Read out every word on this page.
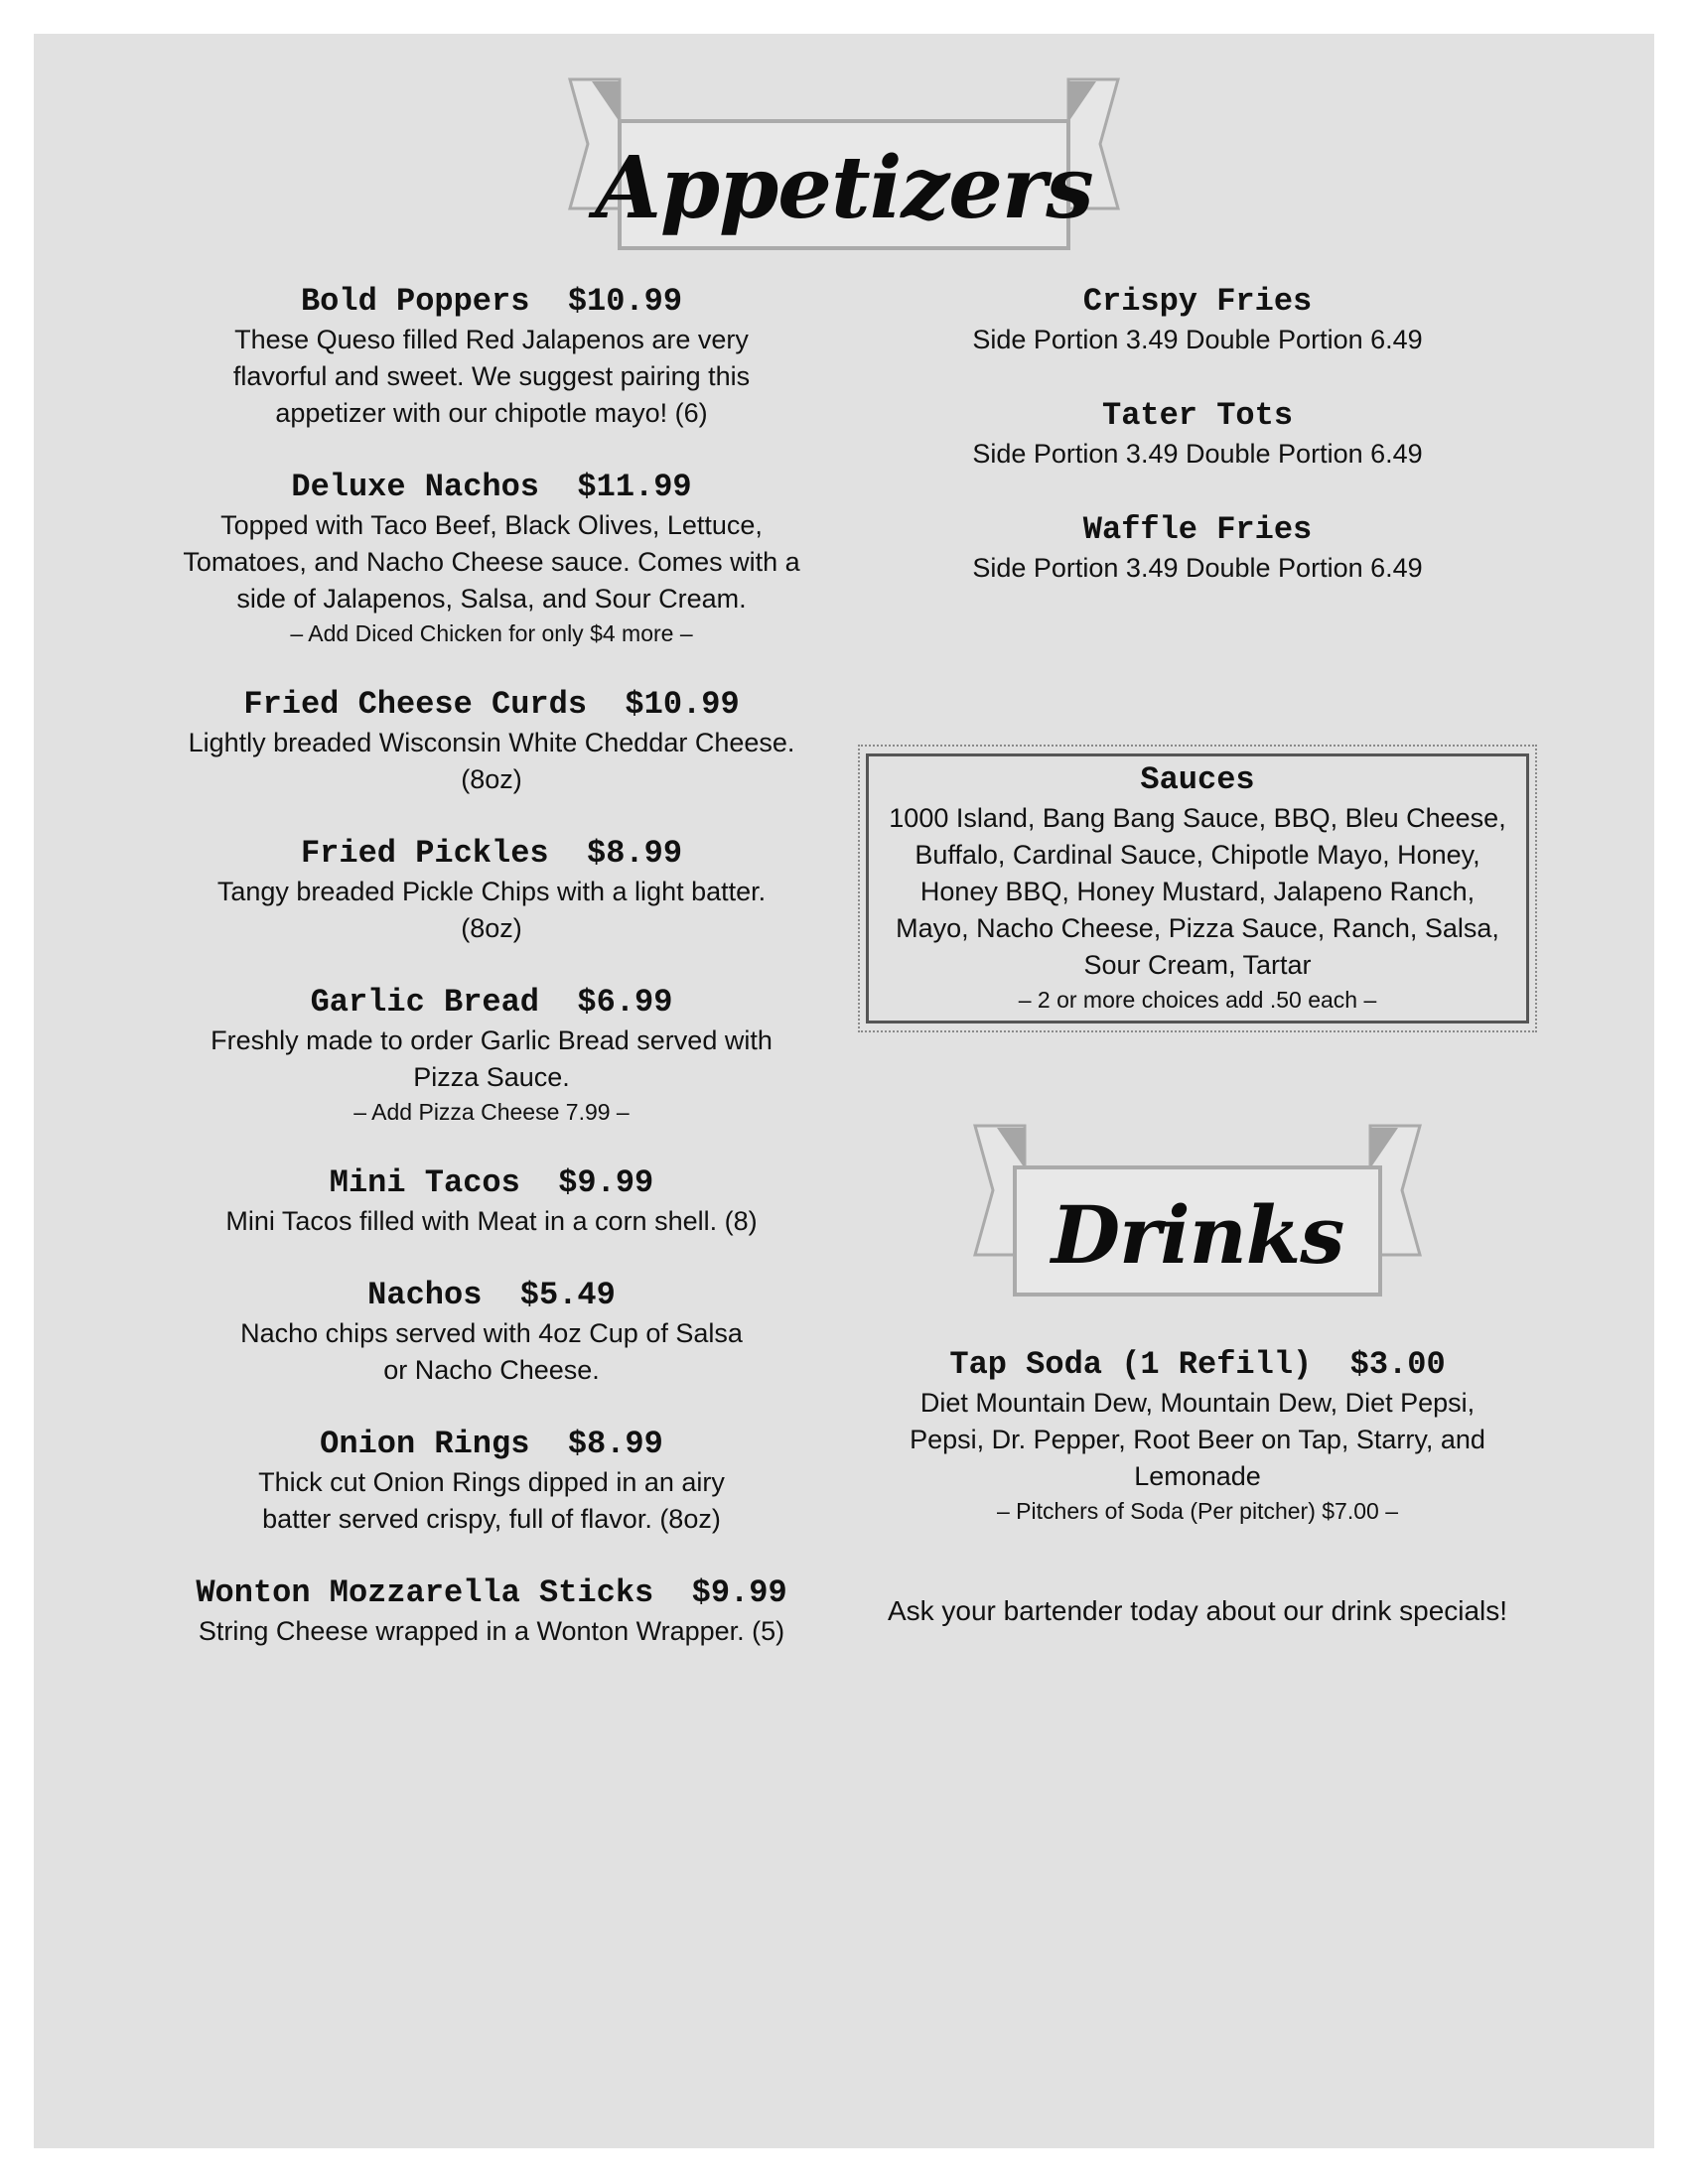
Appetizers
Bold Poppers  $10.99
These Queso filled Red Jalapenos are very flavorful and sweet. We suggest pairing this appetizer with our chipotle mayo! (6)
Deluxe Nachos  $11.99
Topped with Taco Beef, Black Olives, Lettuce, Tomatoes, and Nacho Cheese sauce. Comes with a side of Jalapenos, Salsa, and Sour Cream.
– Add Diced Chicken for only $4 more –
Fried Cheese Curds  $10.99
Lightly breaded Wisconsin White Cheddar Cheese. (8oz)
Fried Pickles  $8.99
Tangy breaded Pickle Chips with a light batter. (8oz)
Garlic Bread  $6.99
Freshly made to order Garlic Bread served with Pizza Sauce.
– Add Pizza Cheese 7.99 –
Mini Tacos  $9.99
Mini Tacos filled with Meat in a corn shell. (8)
Nachos  $5.49
Nacho chips served with 4oz Cup of Salsa or Nacho Cheese.
Onion Rings  $8.99
Thick cut Onion Rings dipped in an airy batter served crispy, full of flavor. (8oz)
Wonton Mozzarella Sticks  $9.99
String Cheese wrapped in a Wonton Wrapper. (5)
Crispy Fries
Side Portion 3.49 Double Portion 6.49
Tater Tots
Side Portion 3.49 Double Portion 6.49
Waffle Fries
Side Portion 3.49 Double Portion 6.49
Sauces
1000 Island, Bang Bang Sauce, BBQ, Bleu Cheese, Buffalo, Cardinal Sauce, Chipotle Mayo, Honey, Honey BBQ, Honey Mustard, Jalapeno Ranch, Mayo, Nacho Cheese, Pizza Sauce, Ranch, Salsa, Sour Cream, Tartar
– 2 or more choices add .50 each –
Drinks
Tap Soda (1 Refill)  $3.00
Diet Mountain Dew, Mountain Dew, Diet Pepsi, Pepsi, Dr. Pepper, Root Beer on Tap, Starry, and Lemonade
– Pitchers of Soda (Per pitcher) $7.00 –
Ask your bartender today about our drink specials!
